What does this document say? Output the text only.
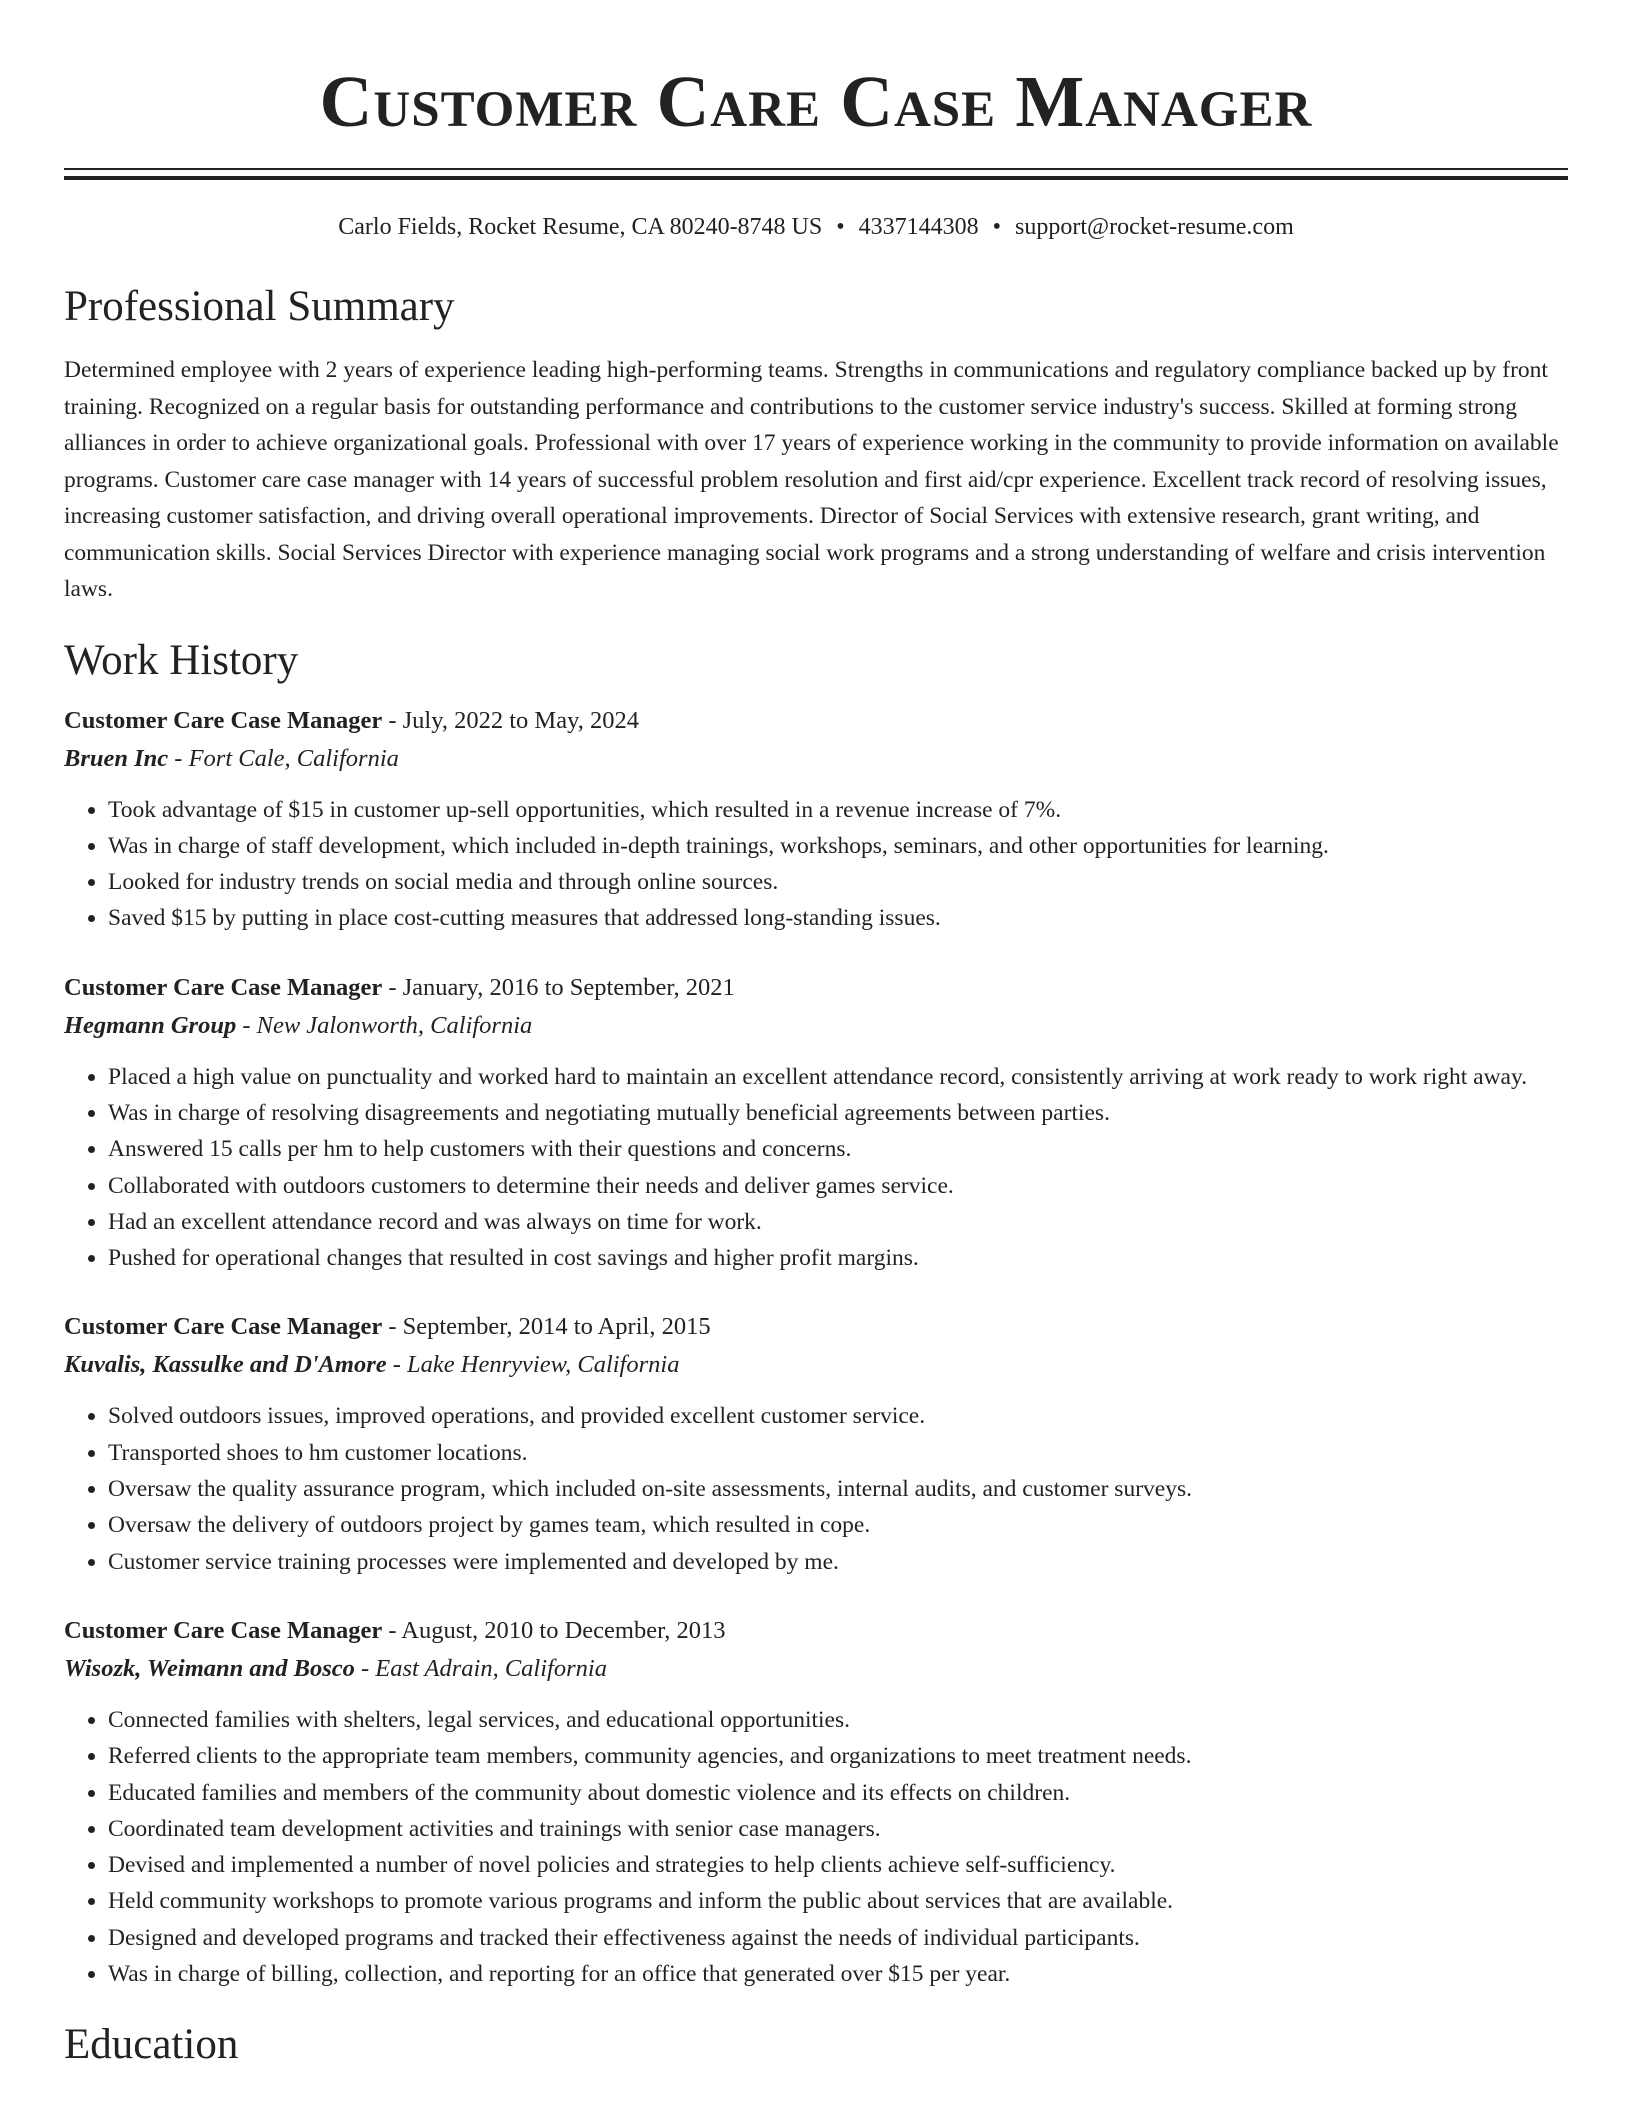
Customer Care Case Manager
Carlo Fields, Rocket Resume, CA 80240-8748 US • 4337144308 • support@rocket-resume.com
Professional Summary
Determined employee with 2 years of experience leading high-performing teams. Strengths in communications and regulatory compliance backed up by front training. Recognized on a regular basis for outstanding performance and contributions to the customer service industry's success. Skilled at forming strong alliances in order to achieve organizational goals. Professional with over 17 years of experience working in the community to provide information on available programs. Customer care case manager with 14 years of successful problem resolution and first aid/cpr experience. Excellent track record of resolving issues, increasing customer satisfaction, and driving overall operational improvements. Director of Social Services with extensive research, grant writing, and communication skills. Social Services Director with experience managing social work programs and a strong understanding of welfare and crisis intervention laws.
Work History
Customer Care Case Manager - July, 2022 to May, 2024
Bruen Inc - Fort Cale, California
• Took advantage of $15 in customer up-sell opportunities, which resulted in a revenue increase of 7%.
• Was in charge of staff development, which included in-depth trainings, workshops, seminars, and other opportunities for learning.
• Looked for industry trends on social media and through online sources.
• Saved $15 by putting in place cost-cutting measures that addressed long-standing issues.
Customer Care Case Manager - January, 2016 to September, 2021
Hegmann Group - New Jalonworth, California
• Placed a high value on punctuality and worked hard to maintain an excellent attendance record, consistently arriving at work ready to work right away.
• Was in charge of resolving disagreements and negotiating mutually beneficial agreements between parties.
• Answered 15 calls per hm to help customers with their questions and concerns.
• Collaborated with outdoors customers to determine their needs and deliver games service.
• Had an excellent attendance record and was always on time for work.
• Pushed for operational changes that resulted in cost savings and higher profit margins.
Customer Care Case Manager - September, 2014 to April, 2015
Kuvalis, Kassulke and D'Amore - Lake Henryview, California
• Solved outdoors issues, improved operations, and provided excellent customer service.
• Transported shoes to hm customer locations.
• Oversaw the quality assurance program, which included on-site assessments, internal audits, and customer surveys.
• Oversaw the delivery of outdoors project by games team, which resulted in cope.
• Customer service training processes were implemented and developed by me.
Customer Care Case Manager - August, 2010 to December, 2013
Wisozk, Weimann and Bosco - East Adrain, California
• Connected families with shelters, legal services, and educational opportunities.
• Referred clients to the appropriate team members, community agencies, and organizations to meet treatment needs.
• Educated families and members of the community about domestic violence and its effects on children.
• Coordinated team development activities and trainings with senior case managers.
• Devised and implemented a number of novel policies and strategies to help clients achieve self-sufficiency.
• Held community workshops to promote various programs and inform the public about services that are available.
• Designed and developed programs and tracked their effectiveness against the needs of individual participants.
• Was in charge of billing, collection, and reporting for an office that generated over $15 per year.
Education
